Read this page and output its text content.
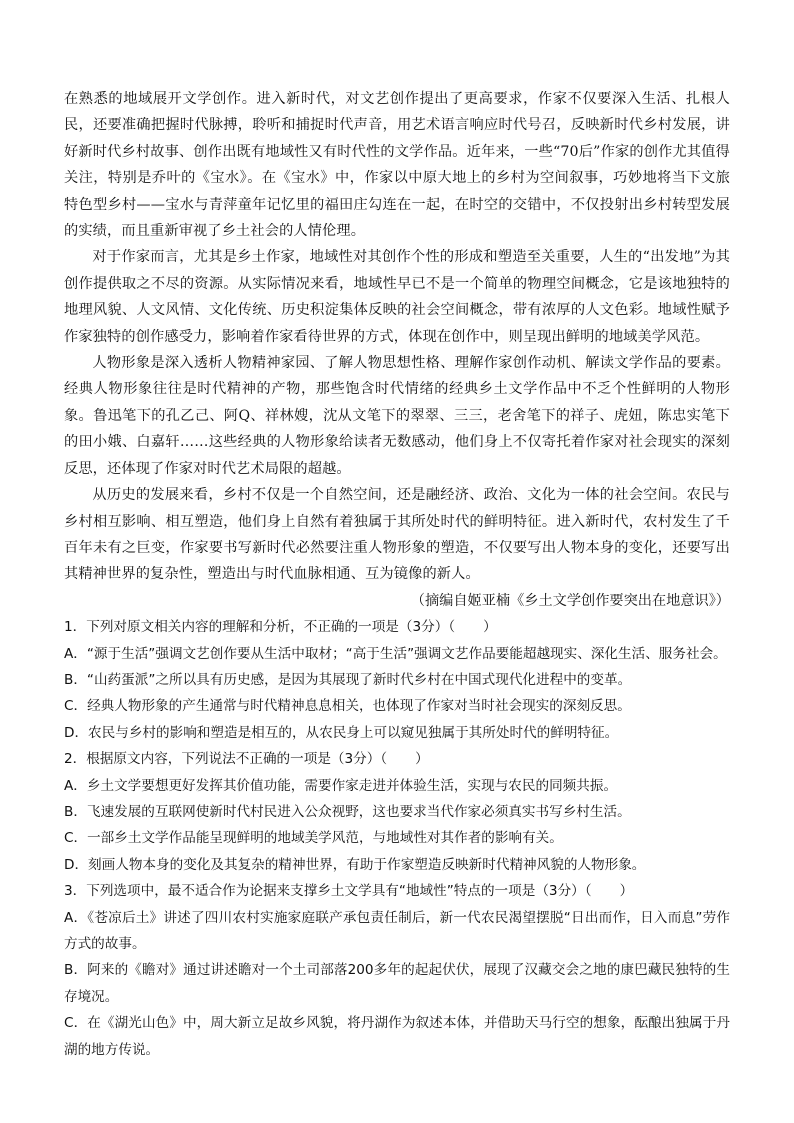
在熟悉的地域展开文学创作。进入新时代，对文艺创作提出了更高要求，作家不仅要深入生活、扎根人民，还要准确把握时代脉搏，聆听和捕捉时代声音，用艺术语言响应时代号召，反映新时代乡村发展，讲好新时代乡村故事、创作出既有地域性又有时代性的文学作品。近年来，一些“70后”作家的创作尤其值得关注，特别是乔叶的《宝水》。在《宝水》中，作家以中原大地上的乡村为空间叙事，巧妙地将当下文旅特色型乡村——宝水与青萍童年记忆里的福田庄勾连在一起，在时空的交错中，不仅投射出乡村转型发展的实绩，而且重新审视了乡土社会的人情伦理。

对于作家而言，尤其是乡土作家，地域性对其创作个性的形成和塑造至关重要，人生的“出发地”为其创作提供取之不尽的资源。从实际情况来看，地域性早已不是一个简单的物理空间概念，它是该地独特的地理风貌、人文风情、文化传统、历史积淀集体反映的社会空间概念，带有浓厚的人文色彩。地域性赋予作家独特的创作感受力，影响着作家看待世界的方式，体现在创作中，则呈现出鲜明的地域美学风范。

人物形象是深入透析人物精神家园、了解人物思想性格、理解作家创作动机、解读文学作品的要素。经典人物形象往往是时代精神的产物，那些饱含时代情绪的经典乡土文学作品中不乏个性鲜明的人物形象。鲁迅笔下的孔乙己、阿Q、祥林嫂，沈从文笔下的翠翠、三三，老舍笔下的祥子、虎妞，陈忠实笔下的田小娥、白嘉轩……这些经典的人物形象给读者无数感动，他们身上不仅寄托着作家对社会现实的深刻反思，还体现了作家对时代艺术局限的超越。

从历史的发展来看，乡村不仅是一个自然空间，还是融经济、政治、文化为一体的社会空间。农民与乡村相互影响、相互塑造，他们身上自然有着独属于其所处时代的鲜明特征。进入新时代，农村发生了千百年未有之巨变，作家要书写新时代必然要注重人物形象的塑造，不仅要写出人物本身的变化，还要写出其精神世界的复杂性，塑造出与时代血脉相通、互为镜像的新人。

（摘编自姬亚楠《乡土文学创作要突出在地意识》）

1．下列对原文相关内容的理解和分析，不正确的一项是（3分）（ ）

A．“源于生活”强调文艺创作要从生活中取材；“高于生活”强调文艺作品要能超越现实、深化生活、服务社会。

B．“山药蛋派”之所以具有历史感，是因为其展现了新时代乡村在中国式现代化进程中的变革。

C．经典人物形象的产生通常与时代精神息息相关，也体现了作家对当时社会现实的深刻反思。

D．农民与乡村的影响和塑造是相互的，从农民身上可以窥见独属于其所处时代的鲜明特征。

2．根据原文内容，下列说法不正确的一项是（3分）（ ）

A．乡土文学要想更好发挥其价值功能，需要作家走进并体验生活，实现与农民的同频共振。

B．飞速发展的互联网使新时代村民进入公众视野，这也要求当代作家必须真实书写乡村生活。

C．一部乡土文学作品能呈现鲜明的地域美学风范，与地域性对其作者的影响有关。

D．刻画人物本身的变化及其复杂的精神世界，有助于作家塑造反映新时代精神风貌的人物形象。

3．下列选项中，最不适合作为论据来支撑乡土文学具有“地域性”特点的一项是（3分）（ ）

A．《苍凉后土》讲述了四川农村实施家庭联产承包责任制后，新一代农民渴望摆脱“日出而作，日入而息”劳作方式的故事。

B．阿来的《瞻对》通过讲述瞻对一个土司部落200多年的起起伏伏，展现了汉藏交会之地的康巴藏民独特的生存境况。

C．在《湖光山色》中，周大新立足故乡风貌，将丹湖作为叙述本体，并借助天马行空的想象，酝酿出独属于丹湖的地方传说。
